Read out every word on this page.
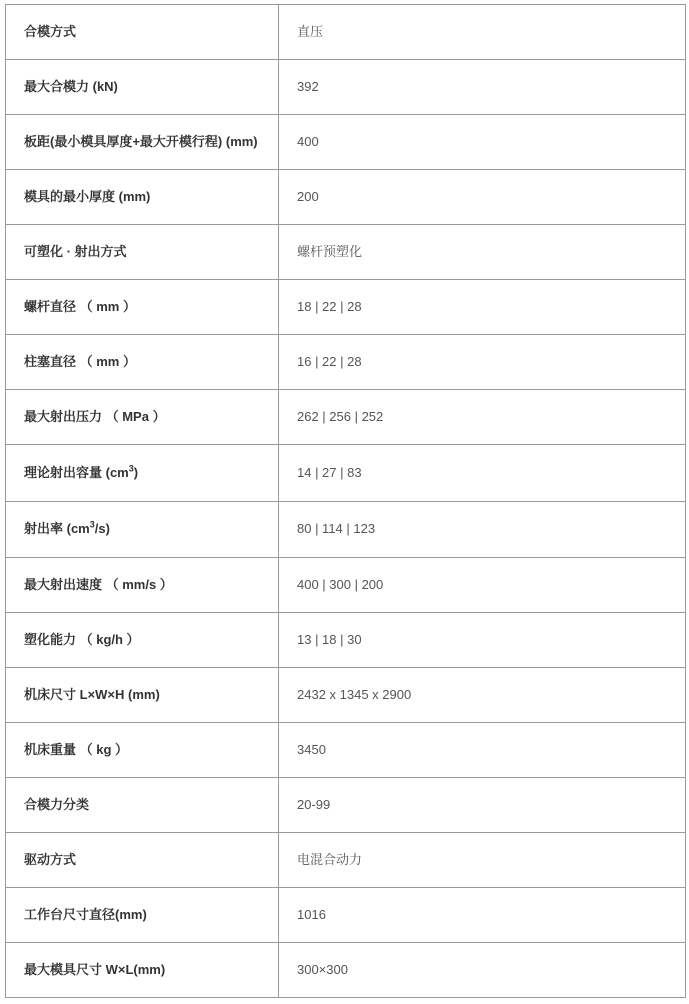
合模方式	直压
最大合模力 (kN)	392
板距(最小模具厚度+最大开模行程) (mm)	400
模具的最小厚度 (mm)	200
可塑化 · 射出方式	螺杆预塑化
螺杆直径 （ mm ）	18 | 22 | 28
柱塞直径 （ mm ）	16 | 22 | 28
最大射出压力 （ MPa ）	262 | 256 | 252
理论射出容量 $(cm^3)$	14 | 27 | 83
射出率 $(cm^3/s)$	80 | 114 | 123
最大射出速度 （ mm/s ）	400 | 300 | 200
塑化能力 （ kg/h ）	13 | 18 | 30
机床尺寸 L×W×H (mm)	2432 x 1345 x 2900
机床重量 （ kg ）	3450
合模力分类	20-99
驱动方式	电混合动力
工作台尺寸直径(mm)	1016
最大模具尺寸 W×L(mm)	300×300
